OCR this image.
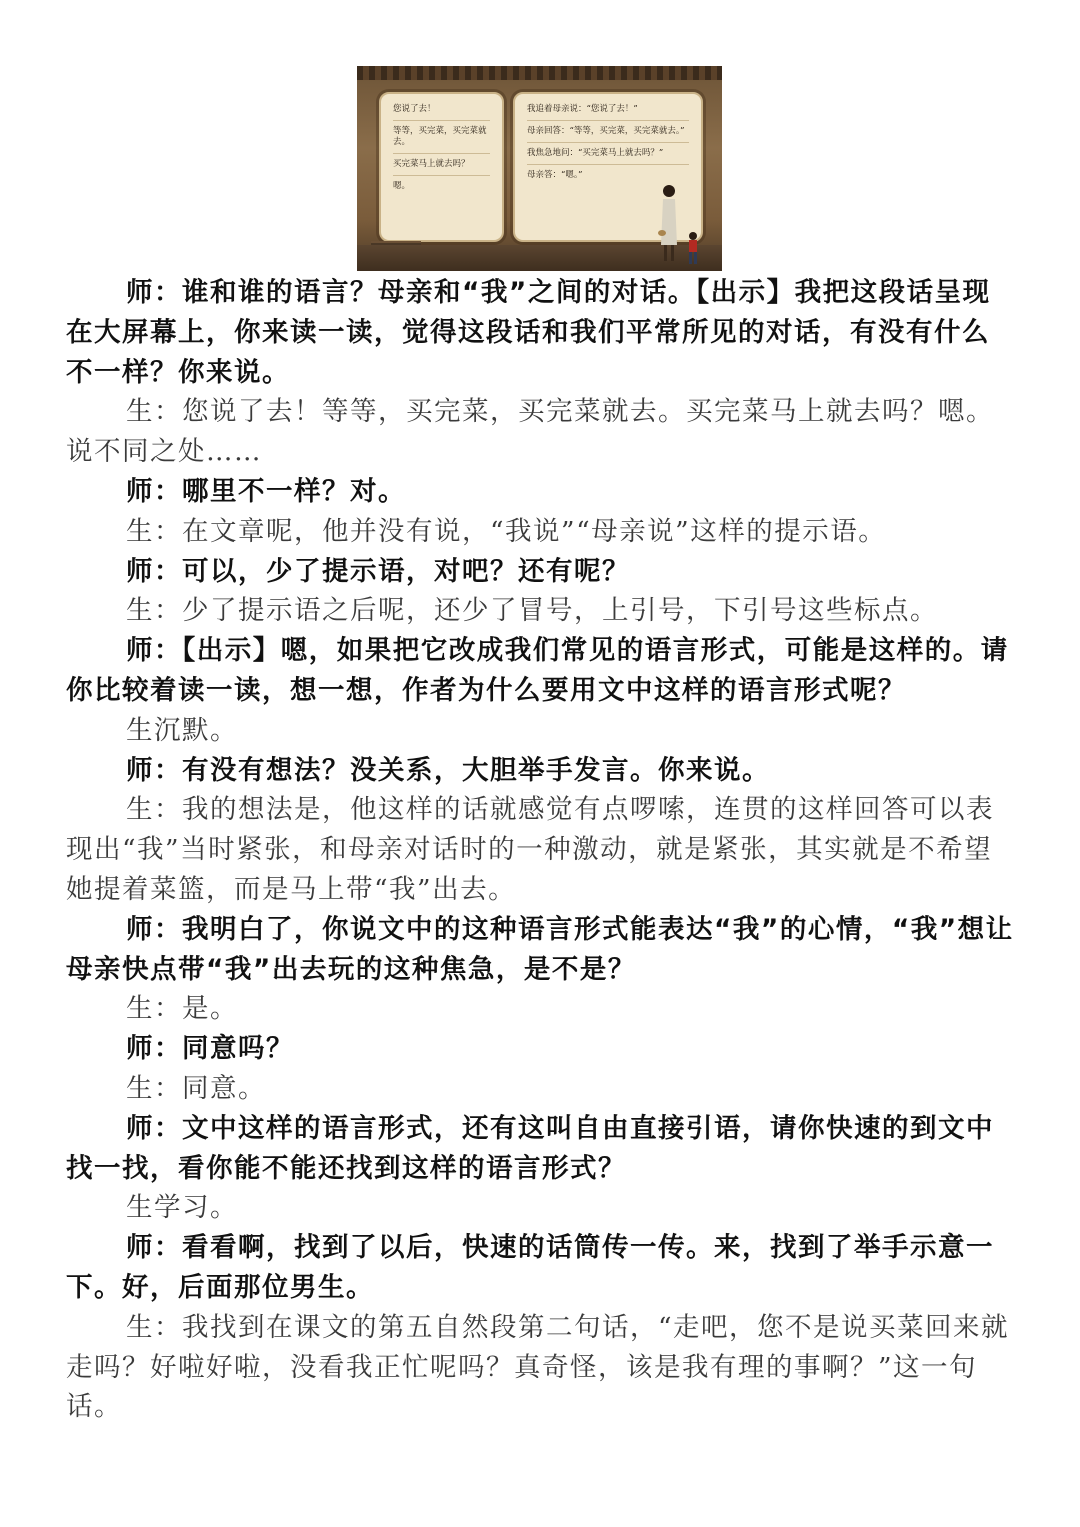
您说了去！

等等，买完菜，买完菜就去。

买完菜马上就去吗？

嗯。

我追着母亲说：“您说了去！”

母亲回答：“等等，买完菜，买完菜就去。”

我焦急地问：“买完菜马上就去吗？”

母亲答：“嗯。”

师：谁和谁的语言？母亲和“我”之间的对话。【出示】我把这段话呈现在大屏幕上，你来读一读，觉得这段话和我们平常所见的对话，有没有什么不一样？你来说。

生：您说了去！等等，买完菜，买完菜就去。买完菜马上就去吗？嗯。说不同之处……

师：哪里不一样？对。

生：在文章呢，他并没有说，“我说”“母亲说”这样的提示语。

师：可以，少了提示语，对吧？还有呢？

生：少了提示语之后呢，还少了冒号，上引号，下引号这些标点。

师：【出示】嗯，如果把它改成我们常见的语言形式，可能是这样的。请你比较着读一读，想一想，作者为什么要用文中这样的语言形式呢？

生沉默。

师：有没有想法？没关系，大胆举手发言。你来说。

生：我的想法是，他这样的话就感觉有点啰嗦，连贯的这样回答可以表现出“我”当时紧张，和母亲对话时的一种激动，就是紧张，其实就是不希望她提着菜篮，而是马上带“我”出去。

师：我明白了，你说文中的这种语言形式能表达“我”的心情，“我”想让母亲快点带“我”出去玩的这种焦急，是不是？

生：是。

师：同意吗？

生：同意。

师：文中这样的语言形式，还有这叫自由直接引语，请你快速的到文中找一找，看你能不能还找到这样的语言形式？

生学习。

师：看看啊，找到了以后，快速的话筒传一传。来，找到了举手示意一下。好，后面那位男生。

生：我找到在课文的第五自然段第二句话，“走吧，您不是说买菜回来就走吗？好啦好啦，没看我正忙呢吗？真奇怪，该是我有理的事啊？”这一句话。
